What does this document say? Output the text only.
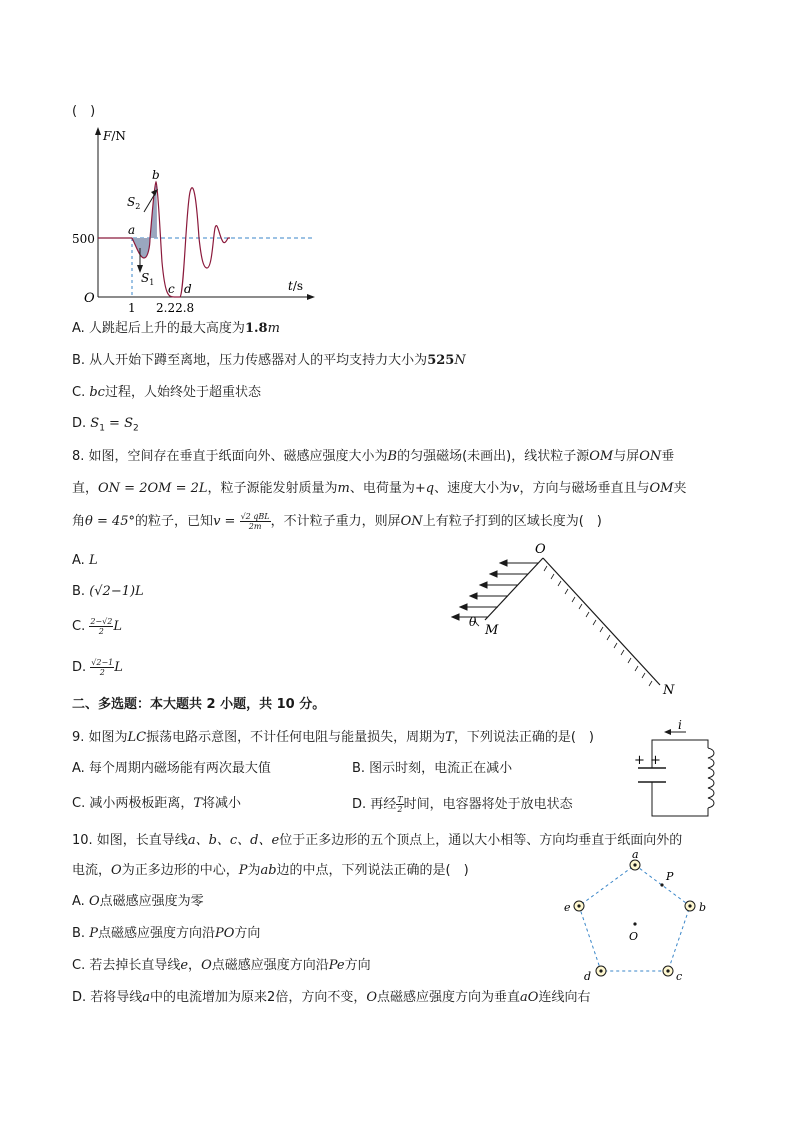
(　)
F/N
t/s
O
500
1 2.22.8
a
b
c d
$S_2$
$S_1$
A. 人跳起后上升的最大高度为1.8m
B. 从人开始下蹲至离地，压力传感器对人的平均支持力大小为525N
C. bc过程，人始终处于超重状态
D. $S_1 = S_2$
8. 如图，空间存在垂直于纸面向外、磁感应强度大小为B的匀强磁场(未画出)，线状粒子源OM与屏ON垂
直，ON = 2OM = 2L，粒子源能发射质量为m、电荷量为+q、速度大小为v，方向与磁场垂直且与OM夹
角θ = 45°的粒子，已知$v = \frac{\text{√2 qBL}}{2m}$ ，不计粒子重力，则屏ON上有粒子打到的区域长度为(　)
A. L
B. (√2−1)L
C. $\frac{2-√2}{2}$ L
D. $\frac{√2-1}{2}$ L
O
M
N
θ
二、多选题：本大题共 2 小题，共 10 分。
9. 如图为LC振荡电路示意图，不计任何电阻与能量损失，周期为T，下列说法正确的是(　)
A. 每个周期内磁场能有两次最大值	B. 图示时刻，电流正在减小
C. 减小两极板距离，T将减小	D. 再经 $\frac{T}{2}$ 时间，电容器将处于放电状态
i
+ +
10. 如图，长直导线a、b、c、d、e位于正多边形的五个顶点上，通以大小相等、方向均垂直于纸面向外的
电流，O为正多边形的中心，P为ab边的中点，下列说法正确的是(　)
A. O点磁感应强度为零
B. P点磁感应强度方向沿PO方向
C. 若去掉长直导线e，O点磁感应强度方向沿Pe方向
D. 若将导线a中的电流增加为原来2倍，方向不变，O点磁感应强度方向为垂直aO连线向右
a
b
c
d
e
P
O
